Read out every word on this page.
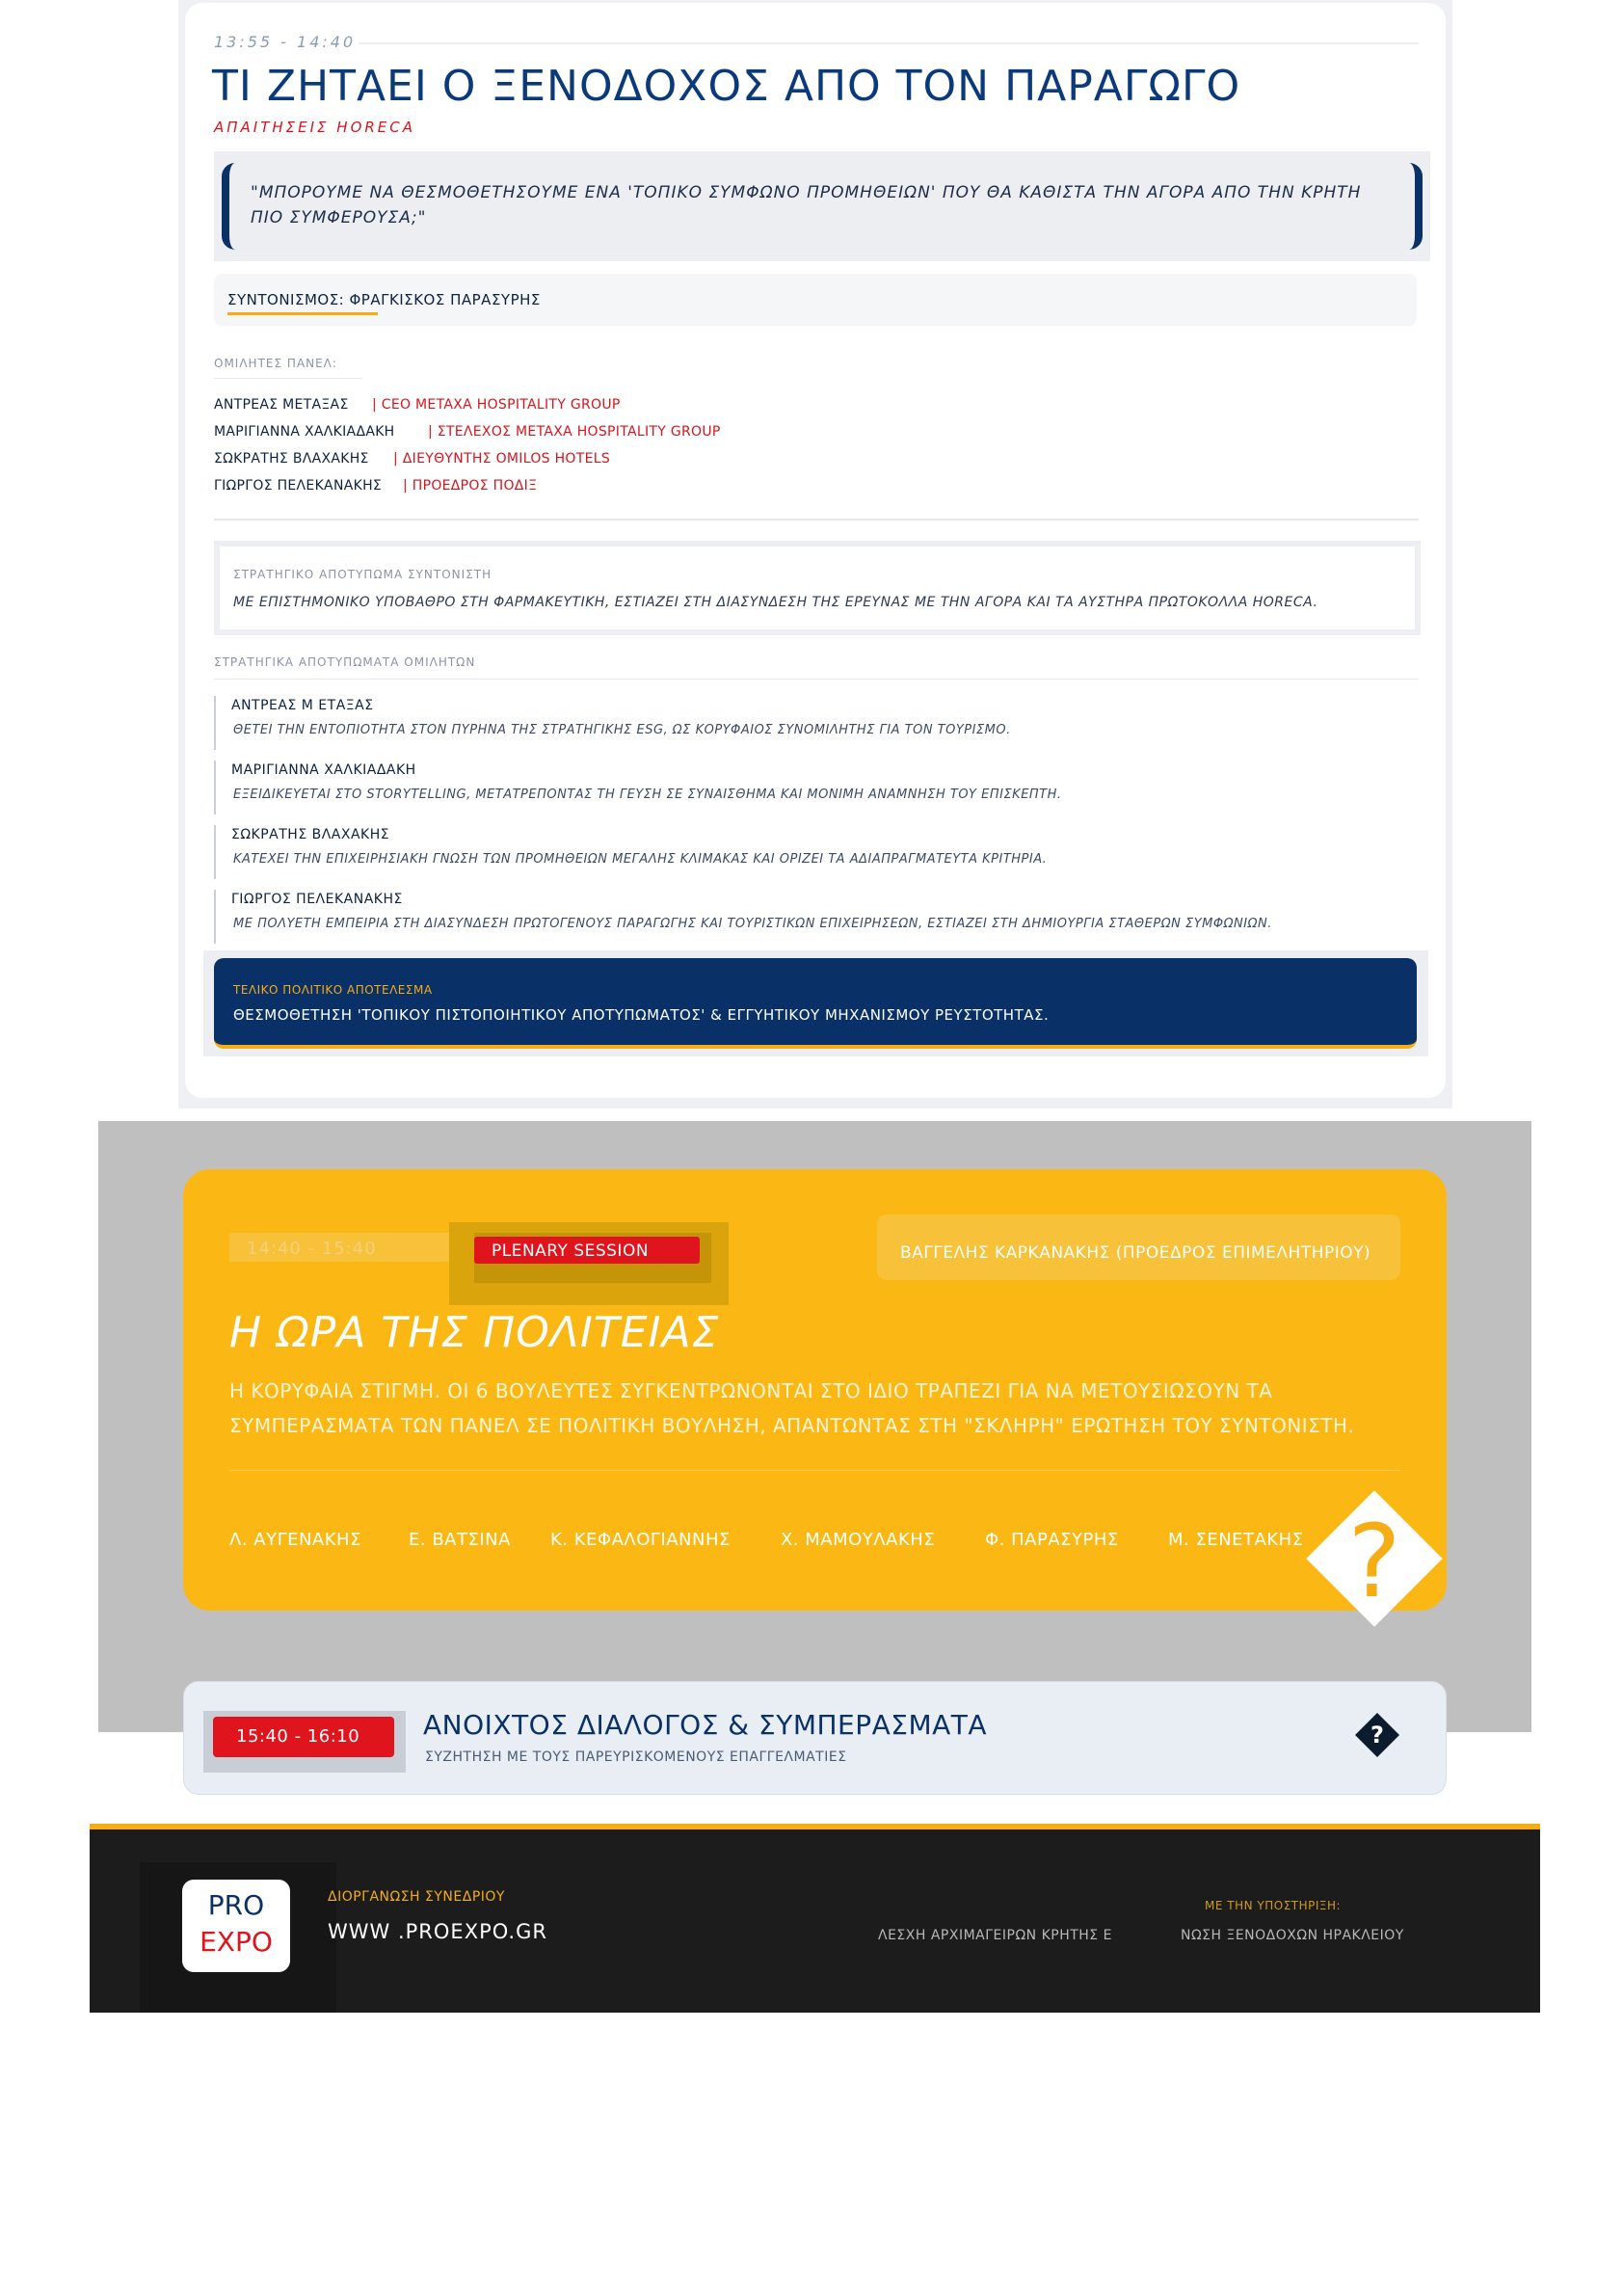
13:55 - 14:40
ΤΙ ΖΗΤΑΕΙ Ο ΞΕΝΟΔΟΧΟΣ ΑΠΟ ΤΟΝ ΠΑΡΑΓΩΓΟ
ΑΠΑΙΤΗΣΕΙΣ HORECA
"ΜΠΟΡΟΥΜΕ ΝΑ ΘΕΣΜΟΘΕΤΗΣΟΥΜΕ ΕΝΑ 'ΤΟΠΙΚΟ ΣΥΜΦΩΝΟ ΠΡΟΜΗΘΕΙΩΝ' ΠΟΥ ΘΑ ΚΑΘΙΣΤΑ ΤΗΝ ΑΓΟΡΑ ΑΠΟ ΤΗΝ ΚΡΗΤΗ ΠΙΟ ΣΥΜΦΕΡΟΥΣΑ;"
ΣΥΝΤΟΝΙΣΜΟΣ: ΦΡΑΓΚΙΣΚΟΣ ΠΑΡΑΣΥΡΗΣ
ΟΜΙΛΗΤΕΣ ΠΑΝΕΛ:
ΑΝΤΡΕΑΣ ΜΕΤΑΞΑΣ | CEO METAXA HOSPITALITY GROUP
ΜΑΡΙΓΙΑΝΝΑ ΧΑΛΚΙΑΔΑΚΗ | ΣΤΕΛΕΧΟΣ METAXA HOSPITALITY GROUP
ΣΩΚΡΑΤΗΣ ΒΛΑΧΑΚΗΣ | ΔΙΕΥΘΥΝΤΗΣ OMILOS HOTELS
ΓΙΩΡΓΟΣ ΠΕΛΕΚΑΝΑΚΗΣ | ΠΡΟΕΔΡΟΣ ΠΟΔΙΞ
ΣΤΡΑΤΗΓΙΚΟ ΑΠΟΤΥΠΩΜΑ ΣΥΝΤΟΝΙΣΤΗ
ΜΕ ΕΠΙΣΤΗΜΟΝΙΚΟ ΥΠΟΒΑΘΡΟ ΣΤΗ ΦΑΡΜΑΚΕΥΤΙΚΗ, ΕΣΤΙΑΖΕΙ ΣΤΗ ΔΙΑΣΥΝΔΕΣΗ ΤΗΣ ΕΡΕΥΝΑΣ ΜΕ ΤΗΝ ΑΓΟΡΑ ΚΑΙ ΤΑ ΑΥΣΤΗΡΑ ΠΡΩΤΟΚΟΛΛΑ HORECA.
ΣΤΡΑΤΗΓΙΚΑ ΑΠΟΤΥΠΩΜΑΤΑ ΟΜΙΛΗΤΩΝ
ΑΝΤΡΕΑΣ Μ ΕΤΑΞΑΣ
ΘΕΤΕΙ ΤΗΝ ΕΝΤΟΠΙΟΤΗΤΑ ΣΤΟΝ ΠΥΡΗΝΑ ΤΗΣ ΣΤΡΑΤΗΓΙΚΗΣ ESG, ΩΣ ΚΟΡΥΦΑΙΟΣ ΣΥΝΟΜΙΛΗΤΗΣ ΓΙΑ ΤΟΝ ΤΟΥΡΙΣΜΟ.
ΜΑΡΙΓΙΑΝΝΑ ΧΑΛΚΙΑΔΑΚΗ
ΕΞΕΙΔΙΚΕΥΕΤΑΙ ΣΤΟ STORYTELLING, ΜΕΤΑΤΡΕΠΟΝΤΑΣ ΤΗ ΓΕΥΣΗ ΣΕ ΣΥΝΑΙΣΘΗΜΑ ΚΑΙ ΜΟΝΙΜΗ ΑΝΑΜΝΗΣΗ ΤΟΥ ΕΠΙΣΚΕΠΤΗ.
ΣΩΚΡΑΤΗΣ ΒΛΑΧΑΚΗΣ
ΚΑΤΕΧΕΙ ΤΗΝ ΕΠΙΧΕΙΡΗΣΙΑΚΗ ΓΝΩΣΗ ΤΩΝ ΠΡΟΜΗΘΕΙΩΝ ΜΕΓΑΛΗΣ ΚΛΙΜΑΚΑΣ ΚΑΙ ΟΡΙΖΕΙ ΤΑ ΑΔΙΑΠΡΑΓΜΑΤΕΥΤΑ ΚΡΙΤΗΡΙΑ.
ΓΙΩΡΓΟΣ ΠΕΛΕΚΑΝΑΚΗΣ
ΜΕ ΠΟΛΥΕΤΗ ΕΜΠΕΙΡΙΑ ΣΤΗ ΔΙΑΣΥΝΔΕΣΗ ΠΡΩΤΟΓΕΝΟΥΣ ΠΑΡΑΓΩΓΗΣ ΚΑΙ ΤΟΥΡΙΣΤΙΚΩΝ ΕΠΙΧΕΙΡΗΣΕΩΝ, ΕΣΤΙΑΖΕΙ ΣΤΗ ΔΗΜΙΟΥΡΓΙΑ ΣΤΑΘΕΡΩΝ ΣΥΜΦΩΝΙΩΝ.
ΤΕΛΙΚΟ ΠΟΛΙΤΙΚΟ ΑΠΟΤΕΛΕΣΜΑ
ΘΕΣΜΟΘΕΤΗΣΗ 'ΤΟΠΙΚΟΥ ΠΙΣΤΟΠΟΙΗΤΙΚΟΥ ΑΠΟΤΥΠΩΜΑΤΟΣ' & ΕΓΓΥΗΤΙΚΟΥ ΜΗΧΑΝΙΣΜΟΥ ΡΕΥΣΤΟΤΗΤΑΣ.
14:40 - 15:40	PLENARY SESSION	ΒΑΓΓΕΛΗΣ ΚΑΡΚΑΝΑΚΗΣ (ΠΡΟΕΔΡΟΣ ΕΠΙΜΕΛΗΤΗΡΙΟΥ)
Η ΩΡΑ ΤΗΣ ΠΟΛΙΤΕΙΑΣ
Η ΚΟΡΥΦΑΙΑ ΣΤΙΓΜΗ. ΟΙ 6 ΒΟΥΛΕΥΤΕΣ ΣΥΓΚΕΝΤΡΩΝΟΝΤΑΙ ΣΤΟ ΙΔΙΟ ΤΡΑΠΕΖΙ ΓΙΑ ΝΑ ΜΕΤΟΥΣΙΩΣΟΥΝ ΤΑ ΣΥΜΠΕΡΑΣΜΑΤΑ ΤΩΝ ΠΑΝΕΛ ΣΕ ΠΟΛΙΤΙΚΗ ΒΟΥΛΗΣΗ, ΑΠΑΝΤΩΝΤΑΣ ΣΤΗ "ΣΚΛΗΡΗ" ΕΡΩΤΗΣΗ ΤΟΥ ΣΥΝΤΟΝΙΣΤΗ.
Λ. ΑΥΓΕΝΑΚΗΣ	Ε. ΒΑΤΣΙΝΑ Κ. ΚΕΦΑΛΟΓΙΑΝΝΗΣ	Χ. ΜΑΜΟΥΛΑΚΗΣ	Φ. ΠΑΡΑΣΥΡΗΣ	Μ. ΣΕΝΕΤΑΚΗΣ ?
15:40 - 16:10 ΑΝΟΙΧΤΟΣ ΔΙΑΛΟΓΟΣ & ΣΥΜΠΕΡΑΣΜΑΤΑ
ΣΥΖΗΤΗΣΗ ΜΕ ΤΟΥΣ ΠΑΡΕΥΡΙΣΚΟΜΕΝΟΥΣ ΕΠΑΓΓΕΛΜΑΤΙΕΣ
?
PRO
EXPO
ΔΙΟΡΓΑΝΩΣΗ ΣΥΝΕΔΡΙΟΥ
WWW .PROEXPO.GR
ΜΕ ΤΗΝ ΥΠΟΣΤΗΡΙΞΗ:
ΛΕΣΧΗ ΑΡΧΙΜΑΓΕΙΡΩΝ ΚΡΗΤΗΣ Ε	ΝΩΣΗ ΞΕΝΟΔΟΧΩΝ ΗΡΑΚΛΕΙΟΥ
